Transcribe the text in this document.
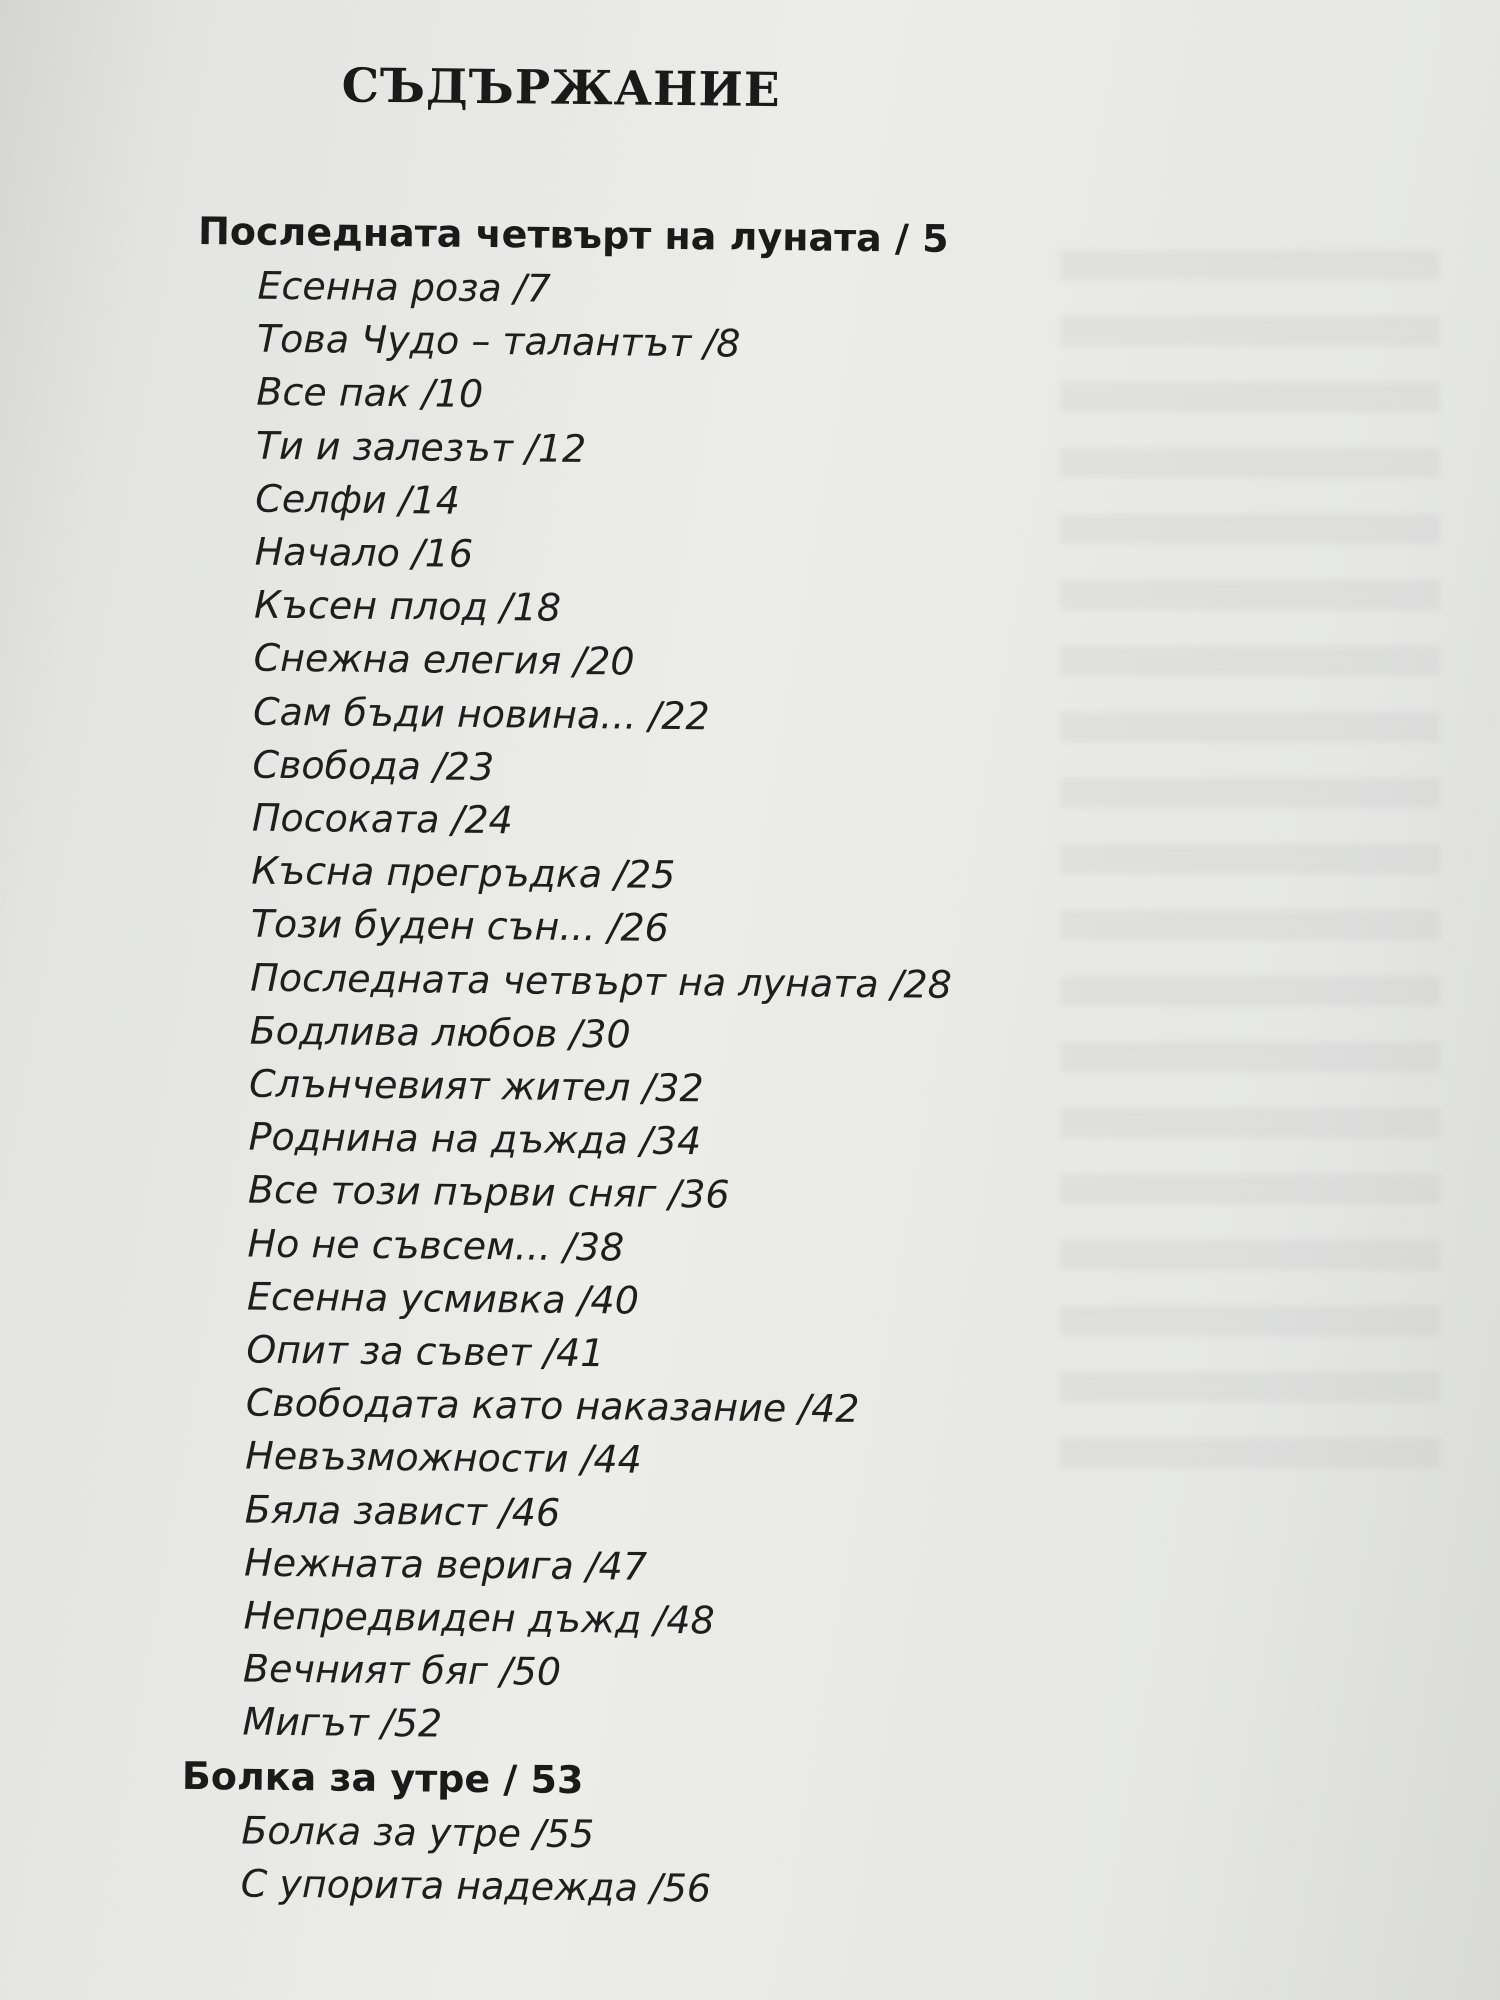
СЪДЪРЖАНИЕ
Последната четвърт на луната / 5
Есенна роза /7
Това Чудо – талантът /8
Все пак /10
Ти и залезът /12
Селфи /14
Начало /16
Късен плод /18
Снежна елегия /20
Сам бъди новина... /22
Свобода /23
Посоката /24
Късна прегръдка /25
Този буден сън... /26
Последната четвърт на луната /28
Бодлива любов /30
Слънчевият жител /32
Роднина на дъжда /34
Все този първи сняг /36
Но не съвсем... /38
Есенна усмивка /40
Опит за съвет /41
Свободата като наказание /42
Невъзможности /44
Бяла завист /46
Нежната верига /47
Непредвиден дъжд /48
Вечният бяг /50
Мигът /52
Болка за утре / 53
Болка за утре /55
С упорита надежда /56
